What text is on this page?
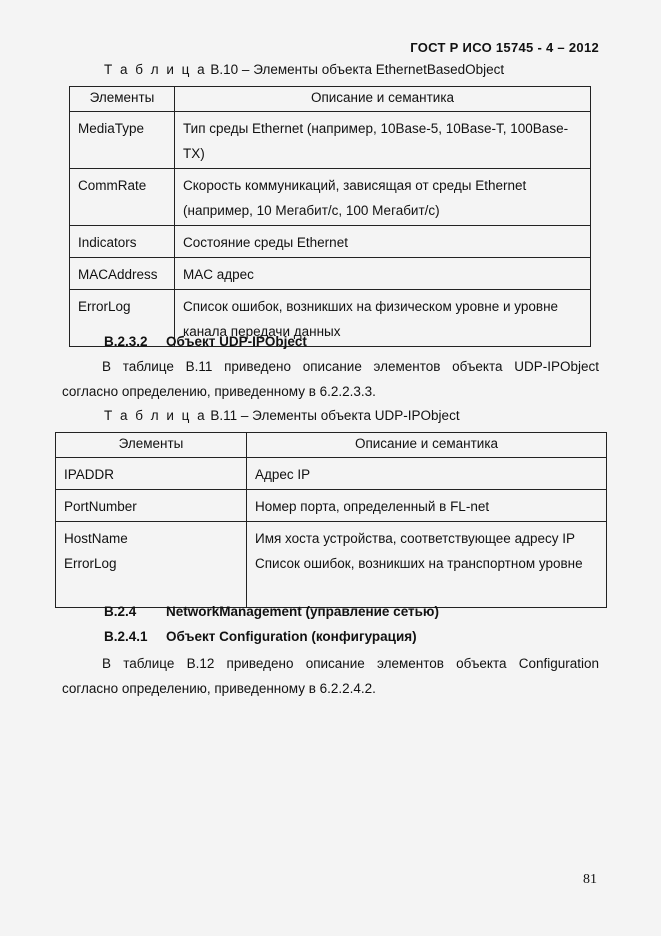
ГОСТ Р ИСО 15745 - 4 – 2012
Т а б л и ц а В.10 – Элементы объекта EthernetBasedObject
Элементы	Описание и семантика

MediaType	Тип среды Ethernet (например, 10Base-5, 10Base-T, 100Base-TX)

CommRate	Скорость коммуникаций, зависящая от среды Ethernet (например, 10 Мегабит/с, 100 Мегабит/с)

Indicators	Состояние среды Ethernet

MACAddress	MAC адрес

ErrorLog	Список ошибок, возникших на физическом уровне и уровне канала передачи данных
B.2.3.2 Объект UDP-IPObject
В таблице В.11 приведено описание элементов объекта UDP-IPObject согласно определению, приведенному в 6.2.2.3.3.
Т а б л и ц а В.11 – Элементы объекта UDP-IPObject
Элементы	Описание и семантика

IPADDR	Адрес IP

PortNumber	Номер порта, определенный в FL-net

HostName	Имя хоста устройства, соответствующее адресу IP

ErrorLog	Список ошибок, возникших на транспортном уровне
B.2.4 NetworkManagement (управление сетью)
B.2.4.1 Объект Configuration (конфигурация)
В таблице В.12 приведено описание элементов объекта Configuration согласно определению, приведенному в 6.2.2.4.2.
81
